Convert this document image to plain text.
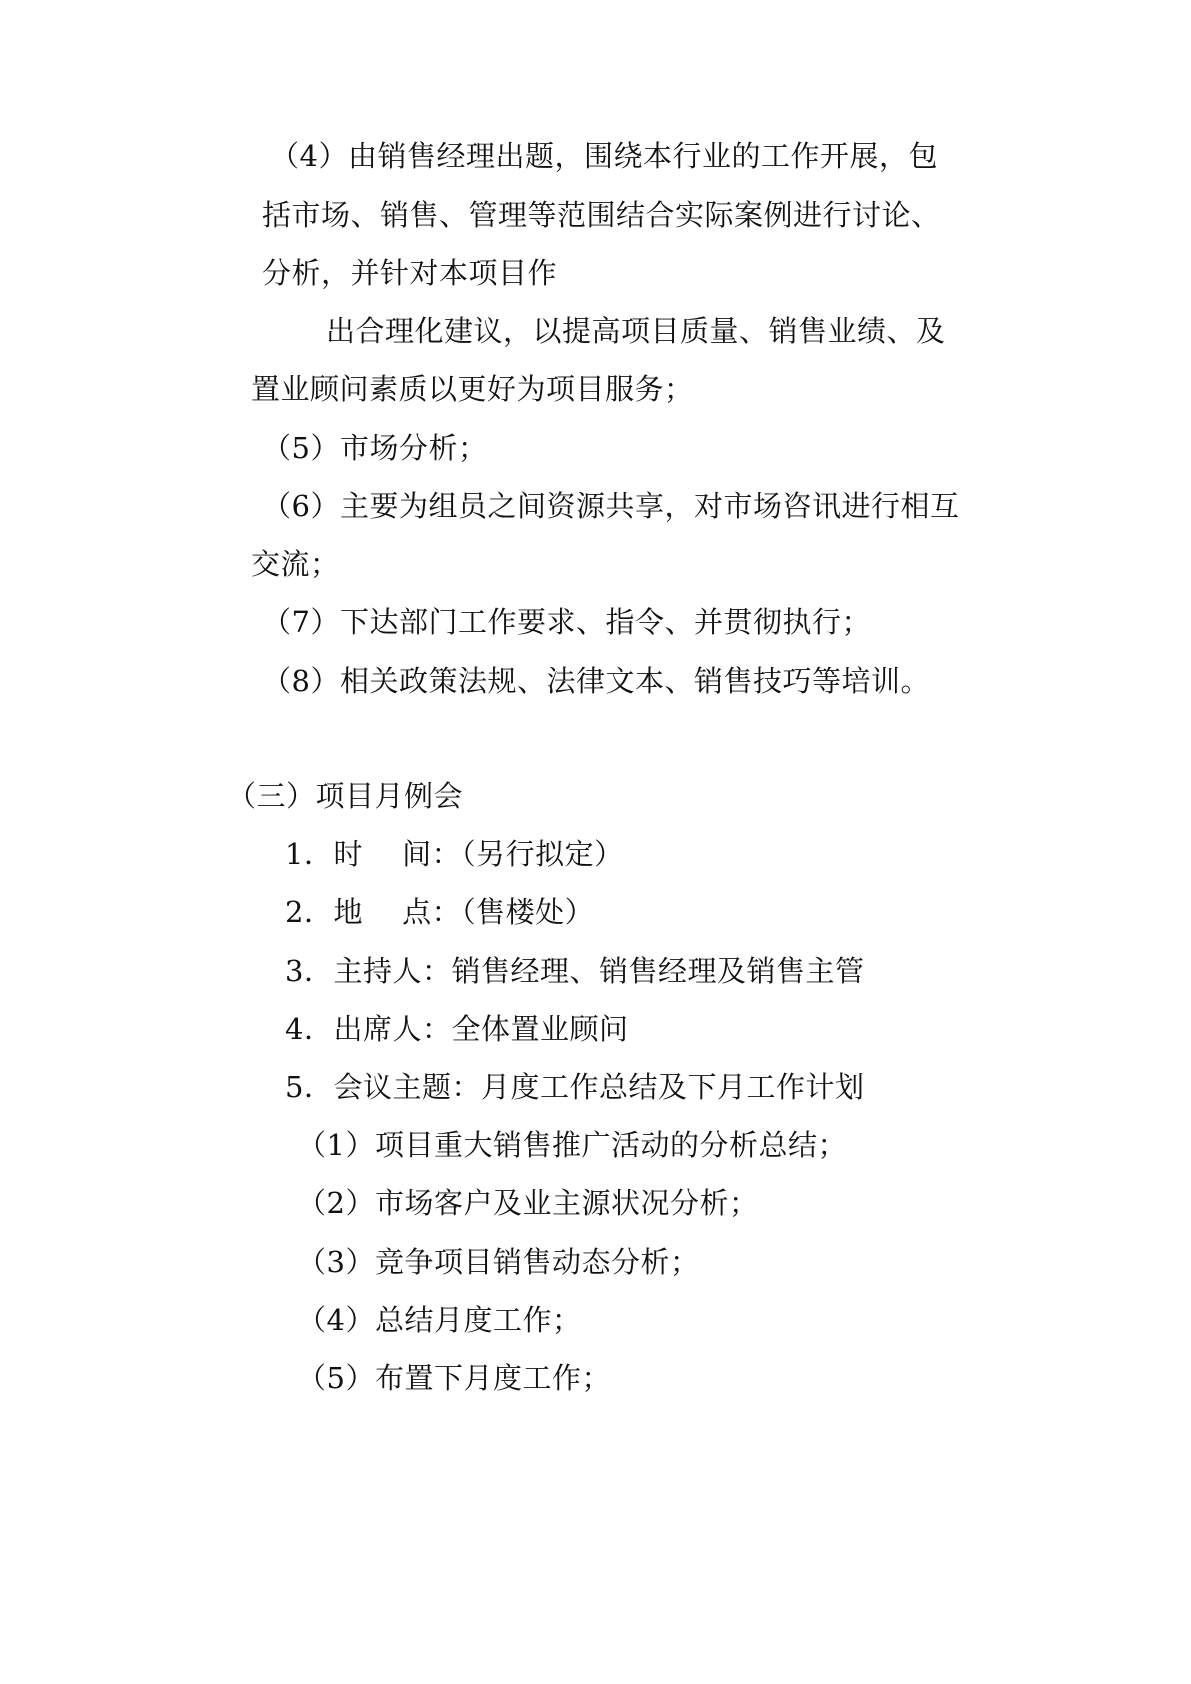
（4）由销售经理出题，围绕本行业的工作开展，包
括市场、销售、管理等范围结合实际案例进行讨论、
分析，并针对本项目作
出合理化建议，以提高项目质量、销售业绩、及
置业顾问素质以更好为项目服务；
（5）市场分析；
（6）主要为组员之间资源共享，对市场咨讯进行相互
交流；
（7）下达部门工作要求、指令、并贯彻执行；
（8）相关政策法规、法律文本、销售技巧等培训。
（三）项目月例会
1．时　 间：（另行拟定）
2．地　 点：（售楼处）
3．主持人：销售经理、销售经理及销售主管
4．出席人：全体置业顾问
5．会议主题：月度工作总结及下月工作计划
（1）项目重大销售推广活动的分析总结；
（2）市场客户及业主源状况分析；
（3）竞争项目销售动态分析；
（4）总结月度工作；
（5）布置下月度工作；
